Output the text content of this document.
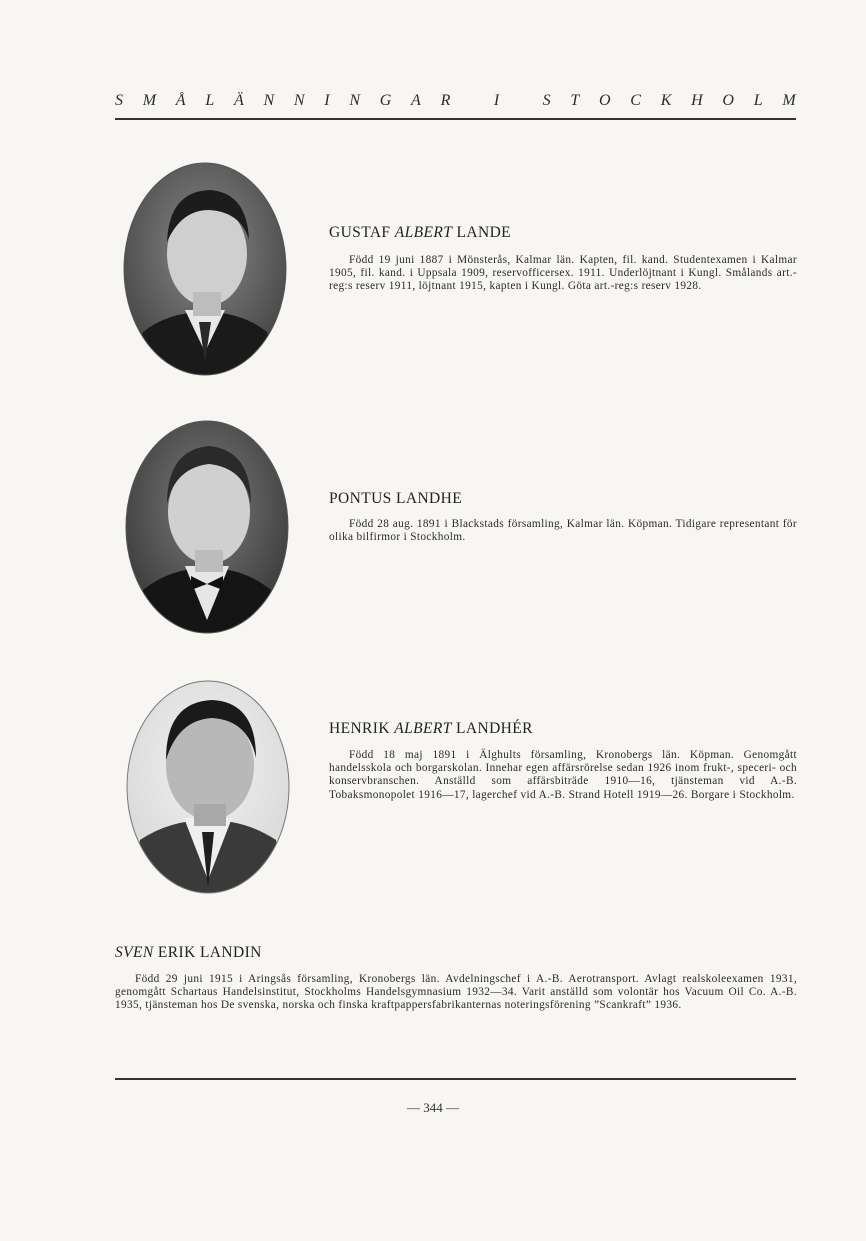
S M Å L Ä N N I N G A R
	I
	S T O C K H O L M
GUSTAF ALBERT LANDE

Född 19 juni 1887 i Mönsterås, Kalmar län. Kapten, fil. kand. Studentexamen i Kalmar 1905, fil. kand. i Uppsala 1909, reservofficersex. 1911. Underlöjtnant i Kungl. Smålands art.-reg:s reserv 1911, löjtnant 1915, kapten i Kungl. Göta art.-reg:s reserv 1928.

PONTUS LANDHE

Född 28 aug. 1891 i Blackstads församling, Kalmar län. Köpman. Tidigare representant för olika bilfirmor i Stockholm.

HENRIK ALBERT LANDHÉR

Född 18 maj 1891 i Älghults församling, Kronobergs län. Köpman. Genomgått handelsskola och borgarskolan. Innehar egen affärsrörelse sedan 1926 inom frukt-, speceri- och konservbranschen. Anställd som affärsbiträde 1910—16, tjänsteman vid A.-B. Tobaksmonopolet 1916—17, lagerchef vid A.-B. Strand Hotell 1919—26. Borgare i Stockholm.

SVEN ERIK LANDIN

Född 29 juni 1915 i Aringsås församling, Kronobergs län. Avdelningschef i A.-B. Aerotransport. Avlagt realskoleexamen 1931, genomgått Schartaus Handelsinstitut, Stockholms Handelsgymnasium 1932—34. Varit anställd som volontär hos Vacuum Oil Co. A.-B. 1935, tjänsteman hos De svenska, norska och finska kraftpappersfabrikanternas noteringsförening ”Scankraft” 1936.

— 344 —
